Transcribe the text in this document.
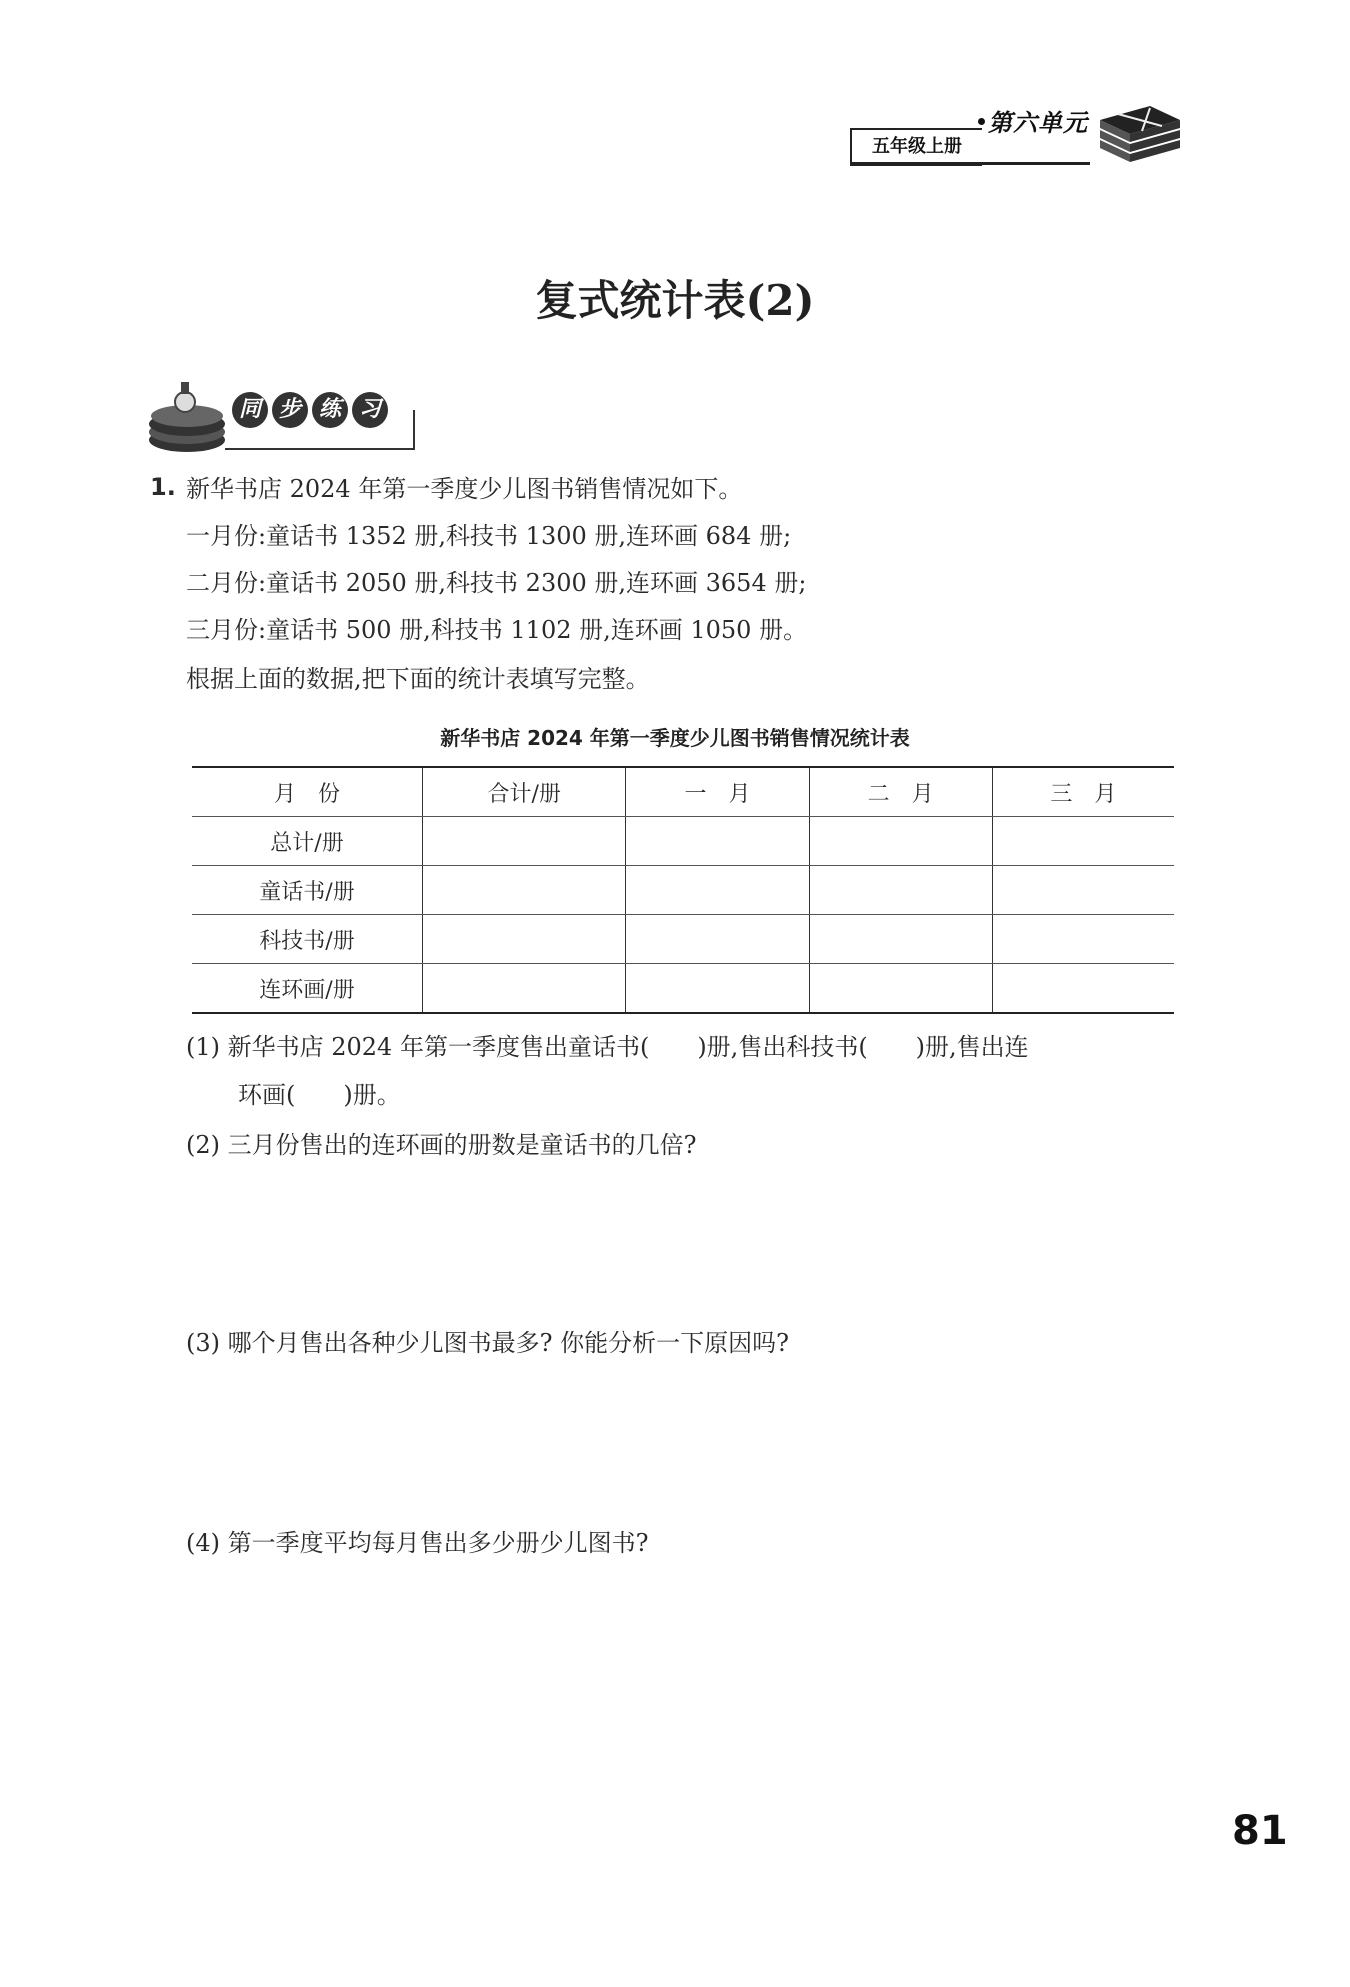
五年级上册
第六单元
复式统计表(2)
同 步 练 习
1. 新华书店 2024 年第一季度少儿图书销售情况如下。
一月份:童话书 1352 册,科技书 1300 册,连环画 684 册;
二月份:童话书 2050 册,科技书 2300 册,连环画 3654 册;
三月份:童话书 500 册,科技书 1102 册,连环画 1050 册。
根据上面的数据,把下面的统计表填写完整。
新华书店 2024 年第一季度少儿图书销售情况统计表
月　份	合计/册	一　月	二　月	三　月
总计/册				
童话书/册				
科技书/册				
连环画/册				
(1) 新华书店 2024 年第一季度售出童话书(　　)册,售出科技书(　　)册,售出连
环画(　　)册。
(2) 三月份售出的连环画的册数是童话书的几倍?
(3) 哪个月售出各种少儿图书最多? 你能分析一下原因吗?
(4) 第一季度平均每月售出多少册少儿图书?
81
